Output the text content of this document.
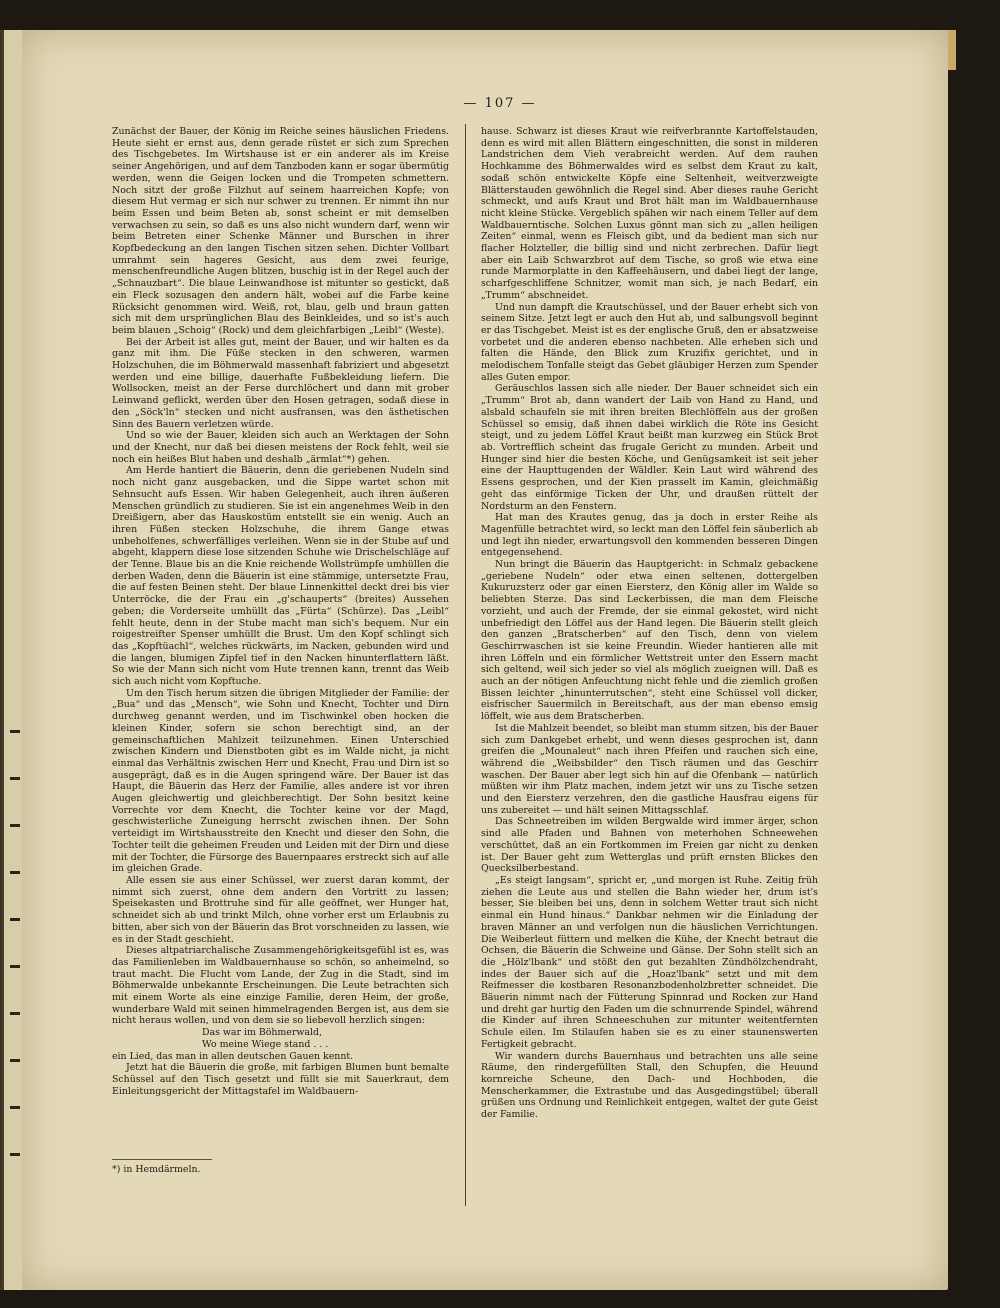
— 107 —

Zunächst der Bauer, der König im Reiche seines häuslichen Friedens. Heute sieht er ernst aus, denn gerade rüstet er sich zum Sprechen des Tischgebetes. Im Wirtshause ist er ein anderer als im Kreise seiner Angehörigen, und auf dem Tanzboden kann er sogar übermütig werden, wenn die Geigen locken und die Trompeten schmettern. Noch sitzt der große Filzhut auf seinem haarreichen Kopfe; von diesem Hut vermag er sich nur schwer zu trennen. Er nimmt ihn nur beim Essen und beim Beten ab, sonst scheint er mit demselben verwachsen zu sein, so daß es uns also nicht wundern darf, wenn wir beim Betreten einer Schenke Männer und Burschen in ihrer Kopfbedeckung an den langen Tischen sitzen sehen. Dichter Vollbart umrahmt sein hageres Gesicht, aus dem zwei feurige, menschenfreundliche Augen blitzen, buschig ist in der Regel auch der „Schnauzbart“. Die blaue Leinwandhose ist mitunter so gestickt, daß ein Fleck sozusagen den andern hält, wobei auf die Farbe keine Rücksicht genommen wird. Weiß, rot, blau, gelb und braun gatten sich mit dem ursprünglichen Blau des Beinkleides, und so ist's auch beim blauen „Schoig“ (Rock) und dem gleichfarbigen „Leibl“ (Weste).

Bei der Arbeit ist alles gut, meint der Bauer, und wir halten es da ganz mit ihm. Die Füße stecken in den schweren, warmen Holzschuhen, die im Böhmerwald massenhaft fabriziert und abgesetzt werden und eine billige, dauerhafte Fußbekleidung liefern. Die Wollsocken, meist an der Ferse durchlöchert und dann mit grober Leinwand geflickt, werden über den Hosen getragen, sodaß diese in den „Söck'ln“ stecken und nicht ausfransen, was den ästhetischen Sinn des Bauern verletzen würde.

Und so wie der Bauer, kleiden sich auch an Werktagen der Sohn und der Knecht, nur daß bei diesen meistens der Rock fehlt, weil sie noch ein heißes Blut haben und deshalb „ärmlat“*) gehen.

Am Herde hantiert die Bäuerin, denn die geriebenen Nudeln sind noch nicht ganz ausgebacken, und die Sippe wartet schon mit Sehnsucht aufs Essen. Wir haben Gelegenheit, auch ihren äußeren Menschen gründlich zu studieren. Sie ist ein angenehmes Weib in den Dreißigern, aber das Hauskostüm entstellt sie ein wenig. Auch an ihren Füßen stecken Holzschuhe, die ihrem Gange etwas unbeholfenes, schwerfälliges verleihen. Wenn sie in der Stube auf und abgeht, klappern diese lose sitzenden Schuhe wie Drischelschläge auf der Tenne. Blaue bis an die Knie reichende Wollstrümpfe umhüllen die derben Waden, denn die Bäuerin ist eine stämmige, untersetzte Frau, die auf festen Beinen steht. Der blaue Linnenkittel deckt drei bis vier Unterröcke, die der Frau ein „g'schauperts“ (breites) Aussehen geben; die Vorderseite umhüllt das „Fürta“ (Schürze). Das „Leibl“ fehlt heute, denn in der Stube macht man sich's bequem. Nur ein roigestreifter Spenser umhüllt die Brust. Um den Kopf schlingt sich das „Kopftüachl“, welches rückwärts, im Nacken, gebunden wird und die langen, blumigen Zipfel tief in den Nacken hinunterflattern läßt. So wie der Mann sich nicht vom Hute trennen kann, trennt das Weib sich auch nicht vom Kopftuche.

Um den Tisch herum sitzen die übrigen Mitglieder der Familie: der „Bua“ und das „Mensch“, wie Sohn und Knecht, Tochter und Dirn durchweg genannt werden, und im Tischwinkel oben hocken die kleinen Kinder, sofern sie schon berechtigt sind, an der gemeinschaftlichen Mahlzeit teilzunehmen. Einen Unterschied zwischen Kindern und Dienstboten gibt es im Walde nicht, ja nicht einmal das Verhältnis zwischen Herr und Knecht, Frau und Dirn ist so ausgeprägt, daß es in die Augen springend wäre. Der Bauer ist das Haupt, die Bäuerin das Herz der Familie, alles andere ist vor ihren Augen gleichwertig und gleichberechtigt. Der Sohn besitzt keine Vorrechte vor dem Knecht, die Tochter keine vor der Magd, geschwisterliche Zuneigung herrscht zwischen ihnen. Der Sohn verteidigt im Wirtshausstreite den Knecht und dieser den Sohn, die Tochter teilt die geheimen Freuden und Leiden mit der Dirn und diese mit der Tochter, die Fürsorge des Bauernpaares erstreckt sich auf alle im gleichen Grade.

Alle essen sie aus einer Schüssel, wer zuerst daran kommt, der nimmt sich zuerst, ohne dem andern den Vortritt zu lassen; Speisekasten und Brottruhe sind für alle geöffnet, wer Hunger hat, schneidet sich ab und trinkt Milch, ohne vorher erst um Erlaubnis zu bitten, aber sich von der Bäuerin das Brot vorschneiden zu lassen, wie es in der Stadt geschieht.

Dieses altpatriarchalische Zusammengehörigkeitsgefühl ist es, was das Familienleben im Waldbauernhause so schön, so anheimelnd, so traut macht. Die Flucht vom Lande, der Zug in die Stadt, sind im Böhmerwalde unbekannte Erscheinungen. Die Leute betrachten sich mit einem Worte als eine einzige Familie, deren Heim, der große, wunderbare Wald mit seinen himmelragenden Bergen ist, aus dem sie nicht heraus wollen, und von dem sie so liebevoll herzlich singen:

Das war im Böhmerwald,
Wo meine Wiege stand . . .

ein Lied, das man in allen deutschen Gauen kennt.

Jetzt hat die Bäuerin die große, mit farbigen Blumen bunt bemalte Schüssel auf den Tisch gesetzt und füllt sie mit Sauerkraut, dem Einleitungsgericht der Mittagstafel im Waldbauern-

hause. Schwarz ist dieses Kraut wie reifverbrannte Kartoffelstauden, denn es wird mit allen Blättern eingeschnitten, die sonst in milderen Landstrichen dem Vieh verabreicht werden. Auf dem rauhen Hochkamme des Böhmerwaldes wird es selbst dem Kraut zu kalt, sodaß schön entwickelte Köpfe eine Seltenheit, weitverzweigte Blätterstauden gewöhnlich die Regel sind. Aber dieses rauhe Gericht schmeckt, und aufs Kraut und Brot hält man im Waldbauernhause nicht kleine Stücke. Vergeblich spähen wir nach einem Teller auf dem Waldbauerntische. Solchen Luxus gönnt man sich zu „allen heiligen Zeiten“ einmal, wenn es Fleisch gibt, und da bedient man sich nur flacher Holzteller, die billig sind und nicht zerbrechen. Dafür liegt aber ein Laib Schwarzbrot auf dem Tische, so groß wie etwa eine runde Marmorplatte in den Kaffeehäusern, und dabei liegt der lange, scharfgeschliffene Schnitzer, womit man sich, je nach Bedarf, ein „Trumm“ abschneidet.

Und nun dampft die Krautschüssel, und der Bauer erhebt sich von seinem Sitze. Jetzt legt er auch den Hut ab, und salbungsvoll beginnt er das Tischgebet. Meist ist es der englische Gruß, den er absatzweise vorbetet und die anderen ebenso nachbeten. Alle erheben sich und falten die Hände, den Blick zum Kruzifix gerichtet, und in melodischem Tonfalle steigt das Gebet gläubiger Herzen zum Spender alles Guten empor.

Geräuschlos lassen sich alle nieder. Der Bauer schneidet sich ein „Trumm“ Brot ab, dann wandert der Laib von Hand zu Hand, und alsbald schaufeln sie mit ihren breiten Blechlöffeln aus der großen Schüssel so emsig, daß ihnen dabei wirklich die Röte ins Gesicht steigt, und zu jedem Löffel Kraut beißt man kurzweg ein Stück Brot ab. Vortrefflich scheint das frugale Gericht zu munden. Arbeit und Hunger sind hier die besten Köche, und Genügsamkeit ist seit jeher eine der Haupttugenden der Wäldler. Kein Laut wird während des Essens gesprochen, und der Kien prasselt im Kamin, gleichmäßig geht das einförmige Ticken der Uhr, und draußen rüttelt der Nordsturm an den Fenstern.

Hat man des Krautes genug, das ja doch in erster Reihe als Magenfülle betrachtet wird, so leckt man den Löffel fein säuberlich ab und legt ihn nieder, erwartungsvoll den kommenden besseren Dingen entgegensehend.

Nun bringt die Bäuerin das Hauptgericht: in Schmalz gebackene „geriebene Nudeln“ oder etwa einen seltenen, dottergelben Kukuruzsterz oder gar einen Eiersterz, den König aller im Walde so beliebten Sterze. Das sind Leckerbissen, die man dem Fleische vorzieht, und auch der Fremde, der sie einmal gekostet, wird nicht unbefriedigt den Löffel aus der Hand legen. Die Bäuerin stellt gleich den ganzen „Bratscherben“ auf den Tisch, denn von vielem Geschirrwaschen ist sie keine Freundin. Wieder hantieren alle mit ihren Löffeln und ein förmlicher Wettstreit unter den Essern macht sich geltend, weil sich jeder so viel als möglich zueignen will. Daß es auch an der nötigen Anfeuchtung nicht fehle und die ziemlich großen Bissen leichter „hinunterrutschen“, steht eine Schüssel voll dicker, eisfrischer Sauermilch in Bereitschaft, aus der man ebenso emsig löffelt, wie aus dem Bratscherben.

Ist die Mahlzeit beendet, so bleibt man stumm sitzen, bis der Bauer sich zum Dankgebet erhebt, und wenn dieses gesprochen ist, dann greifen die „Mounaleut“ nach ihren Pfeifen und rauchen sich eine, während die „Weibsbilder“ den Tisch räumen und das Geschirr waschen. Der Bauer aber legt sich hin auf die Ofenbank — natürlich müßten wir ihm Platz machen, indem jetzt wir uns zu Tische setzen und den Eiersterz verzehren, den die gastliche Hausfrau eigens für uns zubereitet — und hält seinen Mittagsschlaf.

Das Schneetreiben im wilden Bergwalde wird immer ärger, schon sind alle Pfaden und Bahnen von meterhohen Schneewehen verschüttet, daß an ein Fortkommen im Freien gar nicht zu denken ist. Der Bauer geht zum Wetterglas und prüft ernsten Blickes den Quecksilberbestand.

„Es steigt langsam“, spricht er, „und morgen ist Ruhe. Zeitig früh ziehen die Leute aus und stellen die Bahn wieder her, drum ist's besser, Sie bleiben bei uns, denn in solchem Wetter traut sich nicht einmal ein Hund hinaus.“ Dankbar nehmen wir die Einladung der braven Männer an und verfolgen nun die häuslichen Verrichtungen. Die Weiberleut füttern und melken die Kühe, der Knecht betraut die Ochsen, die Bäuerin die Schweine und Gänse. Der Sohn stellt sich an die „Hölz'lbank“ und stößt den gut bezahlten Zündhölzchendraht, indes der Bauer sich auf die „Hoaz'lbank“ setzt und mit dem Reifmesser die kostbaren Resonanzbodenholzbretter schneidet. Die Bäuerin nimmt nach der Fütterung Spinnrad und Rocken zur Hand und dreht gar hurtig den Faden um die schnurrende Spindel, während die Kinder auf ihren Schneeschuhen zur mitunter weitentfernten Schule eilen. Im Stilaufen haben sie es zu einer staunenswerten Fertigkeit gebracht.

Wir wandern durchs Bauernhaus und betrachten uns alle seine Räume, den rindergefüllten Stall, den Schupfen, die Heuund kornreiche Scheune, den Dach- und Hochboden, die Menscherkammer, die Extrastube und das Ausgedingstübel; überall grüßen uns Ordnung und Reinlichkeit entgegen, waltet der gute Geist der Familie.

*) in Hemdärmeln.
